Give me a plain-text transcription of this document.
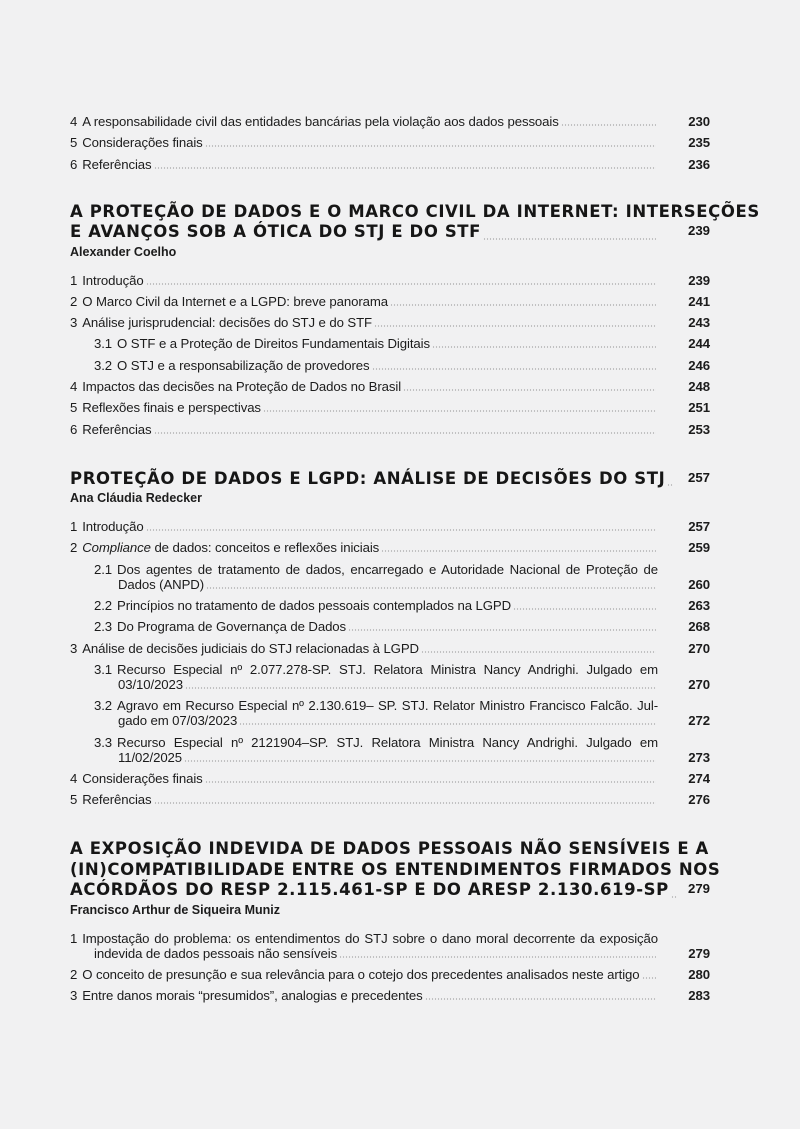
4 A responsabilidade civil das entidades bancárias pela violação aos dados pessoais	230
5 Considerações finais	235
6 Referências	236
A PROTEÇÃO DE DADOS E O MARCO CIVIL DA INTERNET: INTERSEÇÕES
E AVANÇOS SOB A ÓTICA DO STJ E DO STF	239
Alexander Coelho
1 Introdução	239
2 O Marco Civil da Internet e a LGPD: breve panorama	241
3 Análise jurisprudencial: decisões do STJ e do STF	243
3.1 O STF e a Proteção de Direitos Fundamentais Digitais	244
3.2 O STJ e a responsabilização de provedores	246
4 Impactos das decisões na Proteção de Dados no Brasil	248
5 Reflexões finais e perspectivas	251
6 Referências	253
PROTEÇÃO DE DADOS E LGPD: ANÁLISE DE DECISÕES DO STJ	257
Ana Cláudia Redecker
1 Introdução	257
2 Compliance de dados: conceitos e reflexões iniciais	259
2.1 Dos agentes de tratamento de dados, encarregado e Autoridade Nacional de Proteção de
Dados (ANPD)	260
2.2 Princípios no tratamento de dados pessoais contemplados na LGPD	263
2.3 Do Programa de Governança de Dados	268
3 Análise de decisões judiciais do STJ relacionadas à LGPD	270
3.1 Recurso Especial nº 2.077.278-SP. STJ. Relatora Ministra Nancy Andrighi. Julgado em
03/10/2023	270
3.2 Agravo em Recurso Especial nº 2.130.619– SP. STJ. Relator Ministro Francisco Falcão. Jul-
gado em 07/03/2023	272
3.3 Recurso Especial nº 2121904–SP. STJ. Relatora Ministra Nancy Andrighi. Julgado em
11/02/2025	273
4 Considerações finais	274
5 Referências	276
A EXPOSIÇÃO INDEVIDA DE DADOS PESSOAIS NÃO SENSÍVEIS E A
(IN)COMPATIBILIDADE ENTRE OS ENTENDIMENTOS FIRMADOS NOS
ACÓRDÃOS DO RESP 2.115.461-SP E DO ARESP 2.130.619-SP	279
Francisco Arthur de Siqueira Muniz
1 Impostação do problema: os entendimentos do STJ sobre o dano moral decorrente da exposição
indevida de dados pessoais não sensíveis	279
2 O conceito de presunção e sua relevância para o cotejo dos precedentes analisados neste artigo	280
3 Entre danos morais “presumidos”, analogias e precedentes	283
